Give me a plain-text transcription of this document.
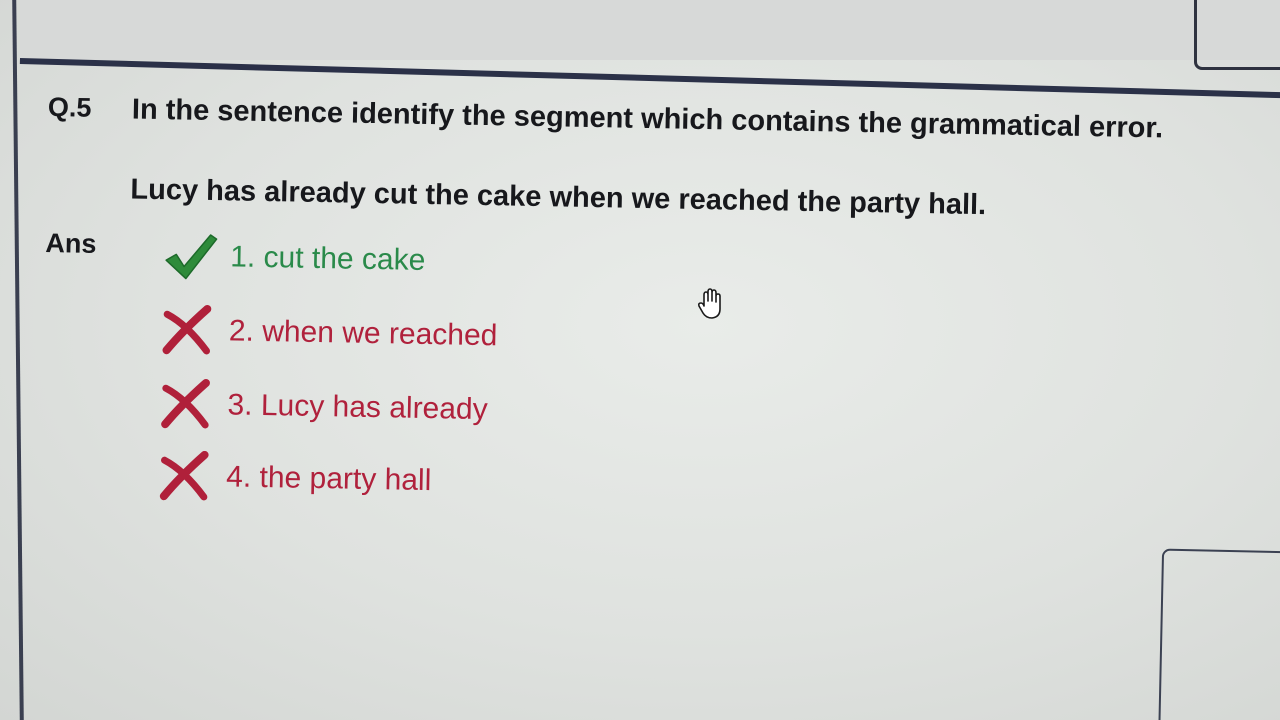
Q.5 In the sentence identify the segment which contains the grammatical error.
Lucy has already cut the cake when we reached the party hall.
Ans	1. cut the cake
2. when we reached
3. Lucy has already
4. the party hall
